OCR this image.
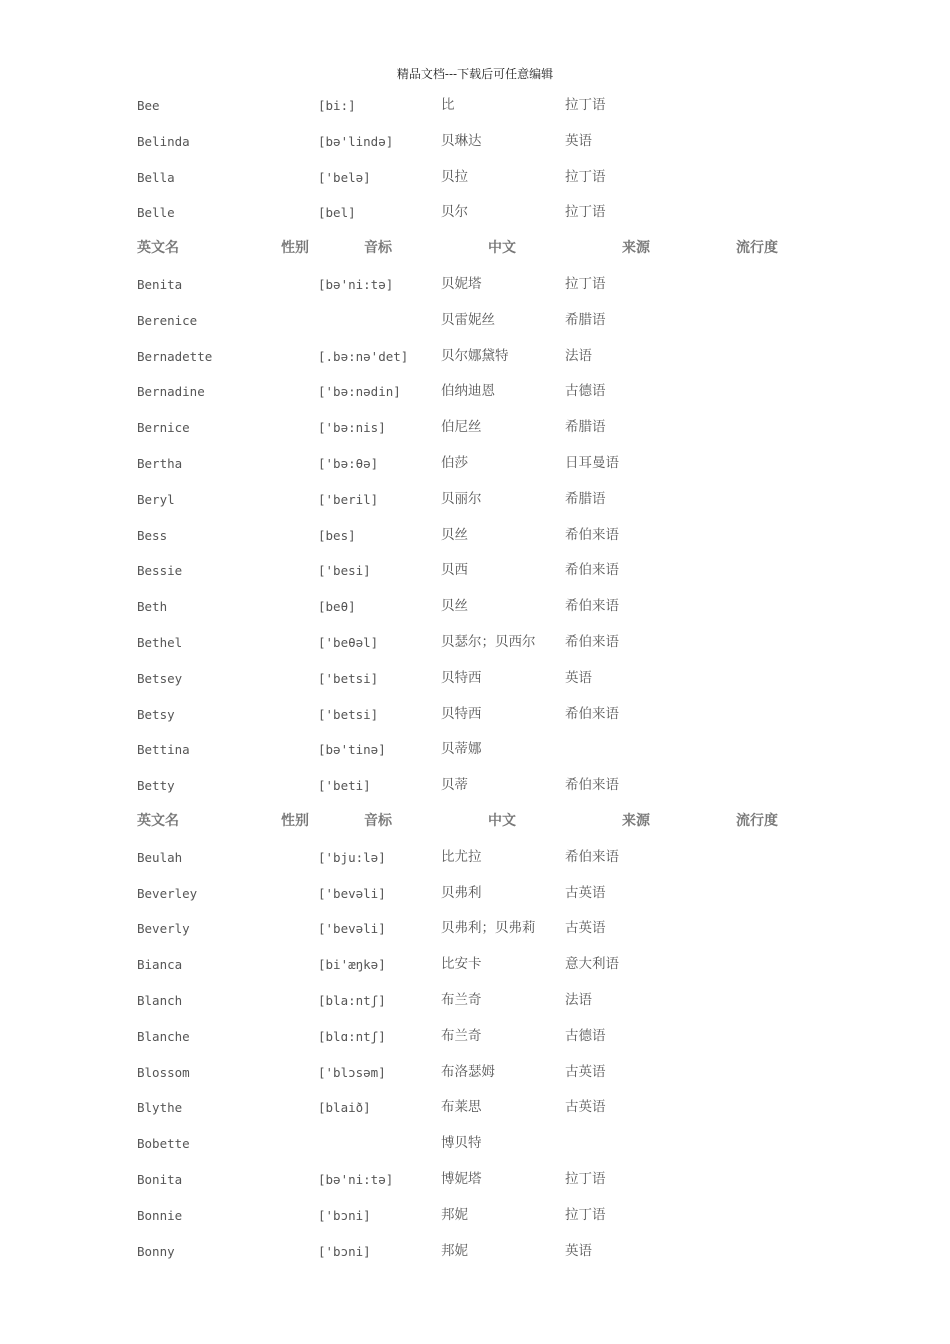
精品文档---下载后可任意编辑
Bee	[bi:]	比	拉丁语
Belinda	[bə'lində]	贝琳达	英语
Bella	['belə]	贝拉	拉丁语
Belle	[bel]	贝尔	拉丁语
英文名	性别	音标	中文	来源	流行度
Benita	[bə'ni:tə]	贝妮塔	拉丁语
Berenice	贝雷妮丝	希腊语
Bernadette	[.bə:nə'det] 贝尔娜黛特	法语
Bernadine	['bə:nədin]	伯纳迪恩	古德语
Bernice	['bə:nis]	伯尼丝	希腊语
Bertha	['bə:θə]	伯莎	日耳曼语
Beryl	['beril]	贝丽尔	希腊语
Bess	[bes]	贝丝	希伯来语
Bessie	['besi]	贝西	希伯来语
Beth	[beθ]	贝丝	希伯来语
Bethel	['beθəl]	贝瑟尔；贝西尔 希伯来语
Betsey	['betsi]	贝特西	英语
Betsy	['betsi]	贝特西	希伯来语
Bettina	[bə'tinə]	贝蒂娜
Betty	['beti]	贝蒂	希伯来语
英文名	性别	音标	中文	来源	流行度
Beulah	['bju:lə]	比尤拉	希伯来语
Beverley	['bevəli]	贝弗利	古英语
Beverly	['bevəli]	贝弗利；贝弗莉 古英语
Bianca	[bi'æŋkə]	比安卡	意大利语
Blanch	[bla:ntʃ]	布兰奇	法语
Blanche	[blɑ:ntʃ]	布兰奇	古德语
Blossom	['blɔsəm]	布洛瑟姆	古英语
Blythe	[blaið]	布莱思	古英语
Bobette	博贝特
Bonita	[bə'ni:tə]	博妮塔	拉丁语
Bonnie	['bɔni]	邦妮	拉丁语
Bonny	['bɔni]	邦妮	英语
